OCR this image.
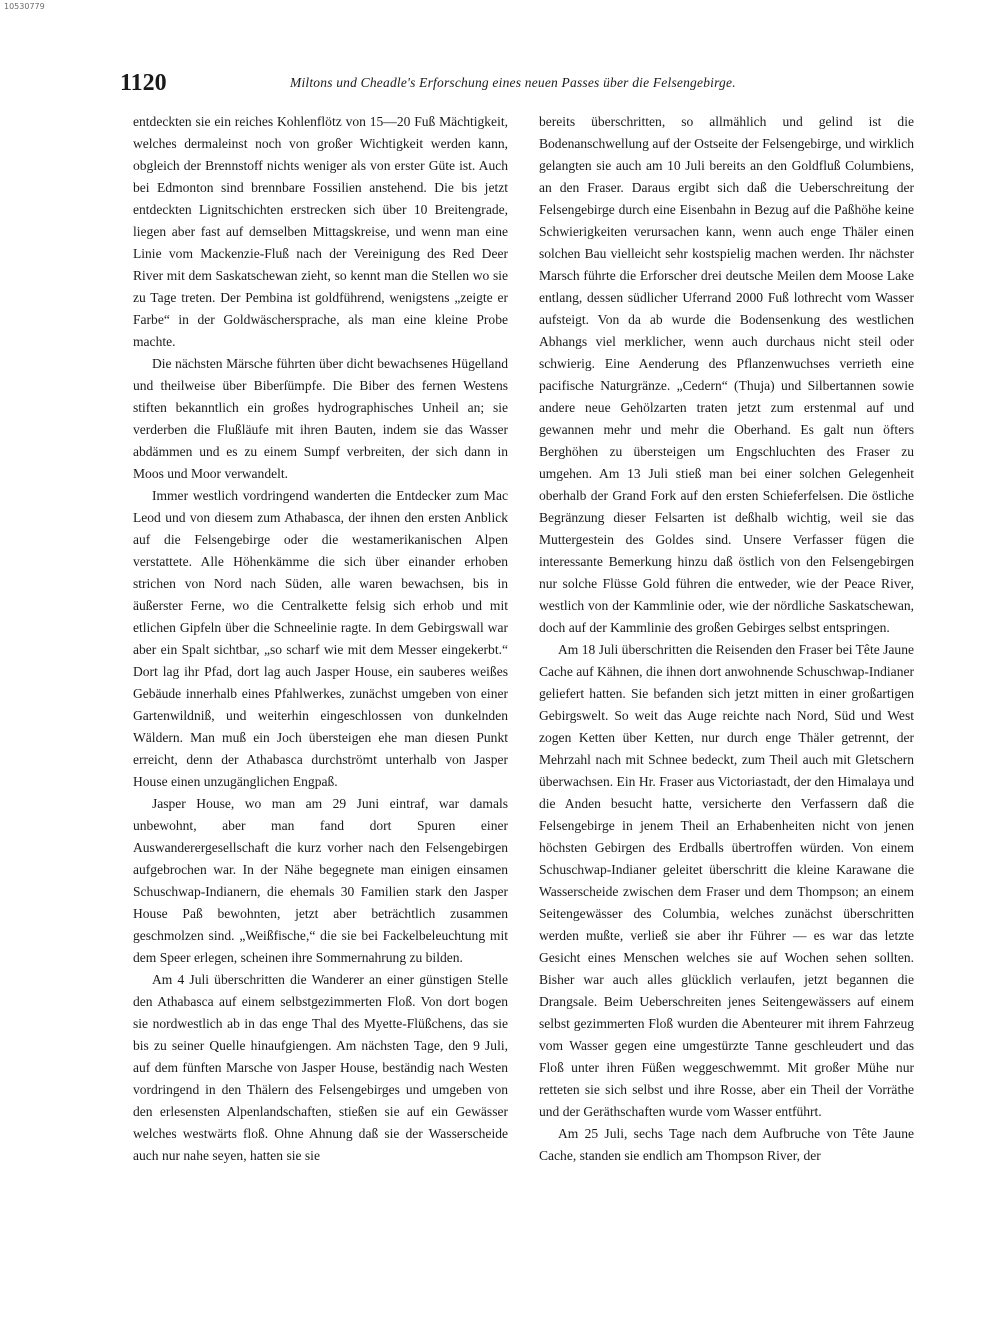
10530779
1120	Miltons und Cheadle's Erforschung eines neuen Passes über die Felsengebirge.

entdeckten sie ein reiches Kohlenflötz von 15—20 Fuß Mächtigkeit, welches dermaleinst noch von großer Wichtigkeit werden kann, obgleich der Brennstoff nichts weniger als von erster Güte ist. Auch bei Edmonton sind brennbare Fossilien anstehend. Die bis jetzt entdeckten Lignitschichten erstrecken sich über 10 Breitengrade, liegen aber fast auf demselben Mittagskreise, und wenn man eine Linie vom Mackenzie-Fluß nach der Vereinigung des Red Deer River mit dem Saskatschewan zieht, so kennt man die Stellen wo sie zu Tage treten. Der Pembina ist goldführend, wenigstens „zeigte er Farbe“ in der Goldwäschersprache, als man eine kleine Probe machte.

Die nächsten Märsche führten über dicht bewachsenes Hügelland und theilweise über Biberſümpfe. Die Biber des fernen Westens stiften bekanntlich ein großes hydrographisches Unheil an; sie verderben die Flußläufe mit ihren Bauten, indem sie das Wasser abdämmen und es zu einem Sumpf verbreiten, der sich dann in Moos und Moor verwandelt.

Immer westlich vordringend wanderten die Entdecker zum Mac Leod und von diesem zum Athabasca, der ihnen den ersten Anblick auf die Felsengebirge oder die westamerikanischen Alpen verstattete. Alle Höhenkämme die sich über einander erhoben strichen von Nord nach Süden, alle waren bewachsen, bis in äußerster Ferne, wo die Centralkette felsig sich erhob und mit etlichen Gipfeln über die Schneelinie ragte. In dem Gebirgswall war aber ein Spalt sichtbar, „so scharf wie mit dem Messer eingekerbt.“ Dort lag ihr Pfad, dort lag auch Jasper House, ein sauberes weißes Gebäude innerhalb eines Pfahlwerkes, zunächst umgeben von einer Gartenwildniß, und weiterhin eingeschlossen von dunkelnden Wäldern. Man muß ein Joch übersteigen ehe man diesen Punkt erreicht, denn der Athabasca durchströmt unterhalb von Jasper House einen unzugänglichen Engpaß.

Jasper House, wo man am 29 Juni eintraf, war damals unbewohnt, aber man fand dort Spuren einer Auswanderergesellschaft die kurz vorher nach den Felsengebirgen aufgebrochen war. In der Nähe begegnete man einigen einsamen Schuschwap-Indianern, die ehemals 30 Familien stark den Jasper House Paß bewohnten, jetzt aber beträchtlich zusammen geschmolzen sind. „Weißfische,“ die sie bei Fackelbeleuchtung mit dem Speer erlegen, scheinen ihre Sommernahrung zu bilden.

Am 4 Juli überschritten die Wanderer an einer günstigen Stelle den Athabasca auf einem selbstgezimmerten Floß. Von dort bogen sie nordwestlich ab in das enge Thal des Myette-Flüßchens, das sie bis zu seiner Quelle hinaufgiengen. Am nächsten Tage, den 9 Juli, auf dem fünften Marsche von Jasper House, beständig nach Westen vordringend in den Thälern des Felsengebirges und umgeben von den erlesensten Alpenlandschaften, stießen sie auf ein Gewässer welches westwärts floß. Ohne Ahnung daß sie der Wasserscheide auch nur nahe seyen, hatten sie sie

bereits überschritten, so allmählich und gelind ist die Bodenanschwellung auf der Ostseite der Felsengebirge, und wirklich gelangten sie auch am 10 Juli bereits an den Goldfluß Columbiens, an den Fraser. Daraus ergibt sich daß die Ueberschreitung der Felsengebirge durch eine Eisenbahn in Bezug auf die Paßhöhe keine Schwierigkeiten verursachen kann, wenn auch enge Thäler einen solchen Bau vielleicht sehr kostspielig machen werden. Ihr nächster Marsch führte die Erforscher drei deutsche Meilen dem Moose Lake entlang, dessen südlicher Uferrand 2000 Fuß lothrecht vom Wasser aufsteigt. Von da ab wurde die Bodensenkung des westlichen Abhangs viel merklicher, wenn auch durchaus nicht steil oder schwierig. Eine Aenderung des Pflanzenwuchses verrieth eine pacifische Naturgränze. „Cedern“ (Thuja) und Silbertannen sowie andere neue Gehölzarten traten jetzt zum erstenmal auf und gewannen mehr und mehr die Oberhand. Es galt nun öfters Berghöhen zu übersteigen um Engschluchten des Fraser zu umgehen. Am 13 Juli stieß man bei einer solchen Gelegenheit oberhalb der Grand Fork auf den ersten Schieferfelsen. Die östliche Begränzung dieser Felsarten ist deßhalb wichtig, weil sie das Muttergestein des Goldes sind. Unsere Verfasser fügen die interessante Bemerkung hinzu daß östlich von den Felsengebirgen nur solche Flüsse Gold führen die entweder, wie der Peace River, westlich von der Kammlinie oder, wie der nördliche Saskatschewan, doch auf der Kammlinie des großen Gebirges selbst entspringen.

Am 18 Juli überschritten die Reisenden den Fraser bei Tête Jaune Cache auf Kähnen, die ihnen dort anwohnende Schuschwap-Indianer geliefert hatten. Sie befanden sich jetzt mitten in einer großartigen Gebirgswelt. So weit das Auge reichte nach Nord, Süd und West zogen Ketten über Ketten, nur durch enge Thäler getrennt, der Mehrzahl nach mit Schnee bedeckt, zum Theil auch mit Gletschern überwachsen. Ein Hr. Fraser aus Victoriastadt, der den Himalaya und die Anden besucht hatte, versicherte den Verfassern daß die Felsengebirge in jenem Theil an Erhabenheiten nicht von jenen höchsten Gebirgen des Erdballs übertroffen würden. Von einem Schuschwap-Indianer geleitet überschritt die kleine Karawane die Wasserscheide zwischen dem Fraser und dem Thompson; an einem Seitengewässer des Columbia, welches zunächst überschritten werden mußte, verließ sie aber ihr Führer — es war das letzte Gesicht eines Menschen welches sie auf Wochen sehen sollten. Bisher war auch alles glücklich verlaufen, jetzt begannen die Drangsale. Beim Ueberschreiten jenes Seitengewässers auf einem selbst gezimmerten Floß wurden die Abenteurer mit ihrem Fahrzeug vom Wasser gegen eine umgestürzte Tanne geschleudert und das Floß unter ihren Füßen weggeschwemmt. Mit großer Mühe nur retteten sie sich selbst und ihre Rosse, aber ein Theil der Vorräthe und der Geräthschaften wurde vom Wasser entführt.

Am 25 Juli, sechs Tage nach dem Aufbruche von Tête Jaune Cache, standen sie endlich am Thompson River, der
